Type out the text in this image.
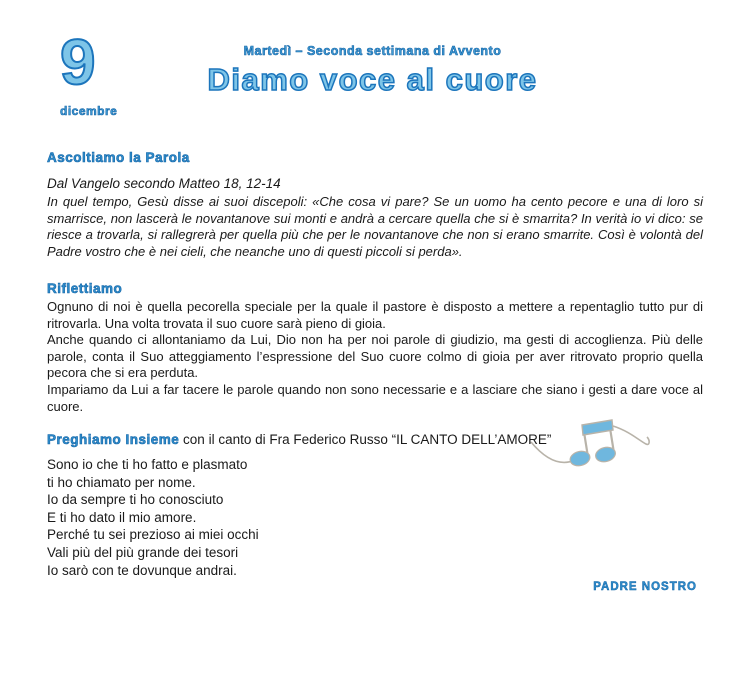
9
dicembre
Martedì – Seconda settimana di Avvento
Diamo voce al cuore
Ascoltiamo la Parola
Dal Vangelo secondo Matteo 18, 12-14
In quel tempo, Gesù disse ai suoi discepoli: «Che cosa vi pare? Se un uomo ha cento pecore e una di loro si smarrisce, non lascerà le novantanove sui monti e andrà a cercare quella che si è smarrita? In verità io vi dico: se riesce a trovarla, si rallegrerà per quella più che per le novantanove che non si erano smarrite. Così è volontà del Padre vostro che è nei cieli, che neanche uno di questi piccoli si perda».
Riflettiamo
Ognuno di noi è quella pecorella speciale per la quale il pastore è disposto a mettere a repentaglio tutto pur di ritrovarla. Una volta trovata il suo cuore sarà pieno di gioia.
Anche quando ci allontaniamo da Lui, Dio non ha per noi parole di giudizio, ma gesti di accoglienza. Più delle parole, conta il Suo atteggiamento l’espressione del Suo cuore colmo di gioia per aver ritrovato proprio quella pecora che si era perduta.
Impariamo da Lui a far tacere le parole quando non sono necessarie e a lasciare che siano i gesti a dare voce al cuore.
Preghiamo Insieme con il canto di Fra Federico Russo “IL CANTO DELL’AMORE”
Sono io che ti ho fatto e plasmato
ti ho chiamato per nome.
Io da sempre ti ho conosciuto
E ti ho dato il mio amore.
Perché tu sei prezioso ai miei occhi
Vali più del più grande dei tesori
Io sarò con te dovunque andrai.
PADRE NOSTRO
